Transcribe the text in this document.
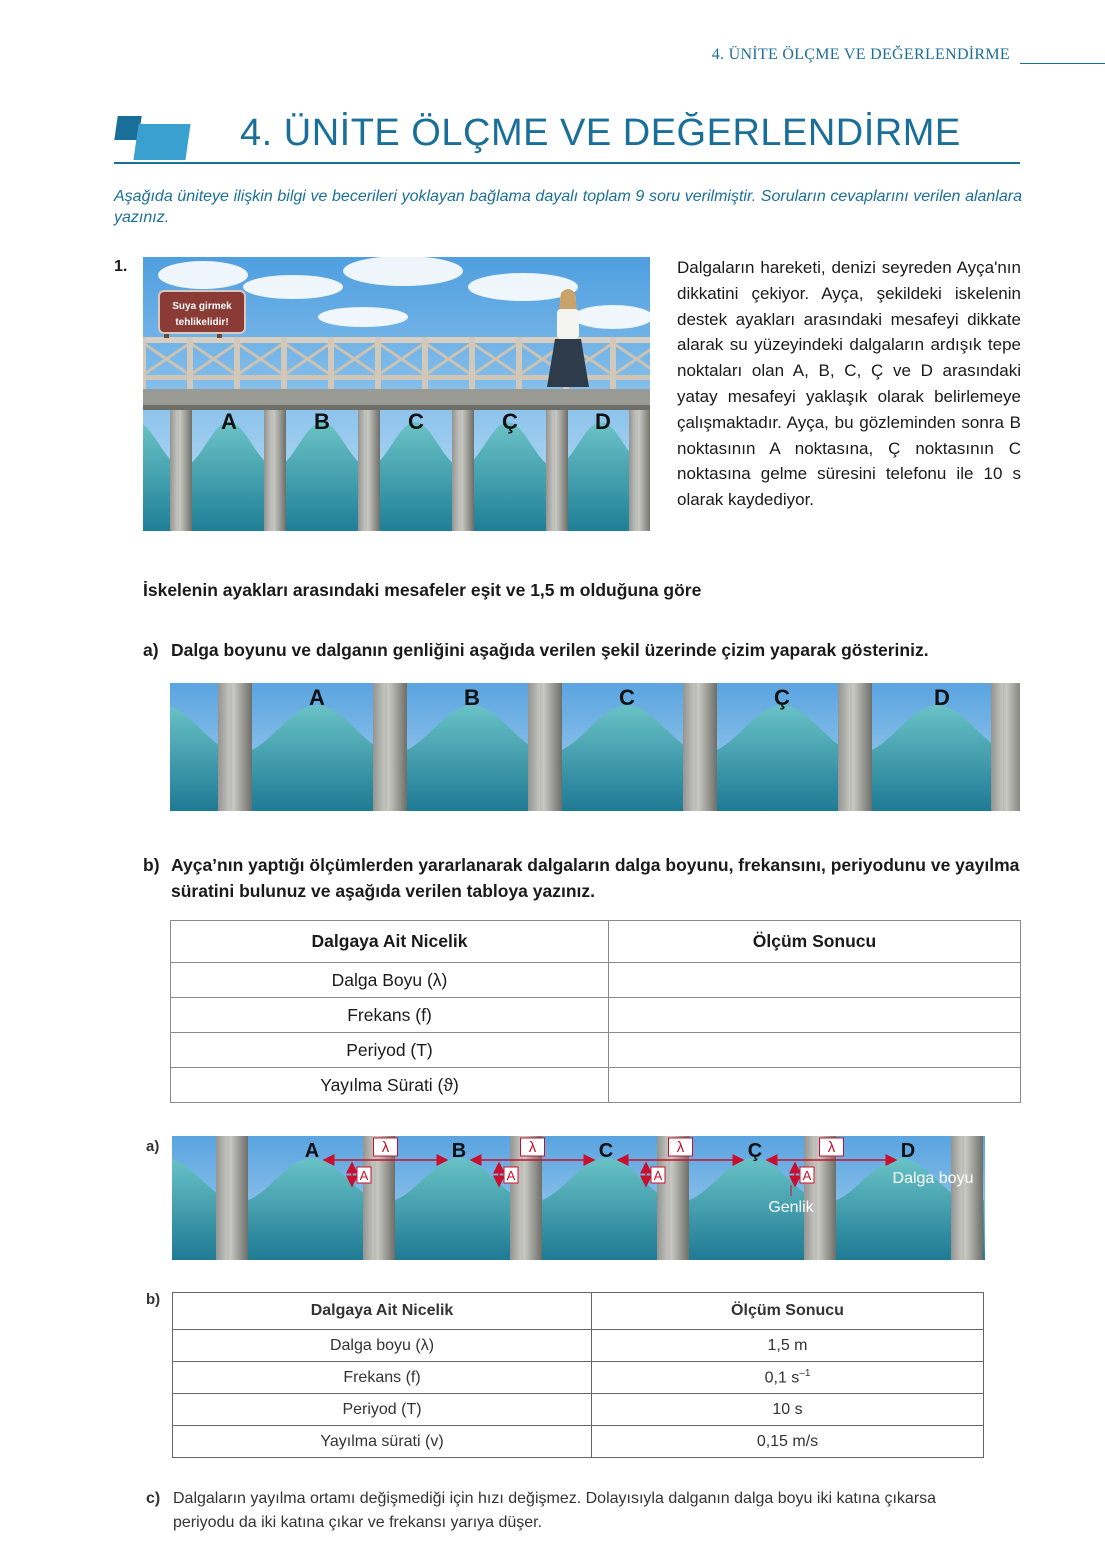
4. ÜNİTE ÖLÇME VE DEĞERLENDİRME
4. ÜNİTE ÖLÇME VE DEĞERLENDİRME
Aşağıda üniteye ilişkin bilgi ve becerileri yoklayan bağlama dayalı toplam 9 soru verilmiştir. Soruların cevaplarını verilen alanlara yazınız.
1.
Suya girmek
tehlikelidir!
A	B	C	Ç	D
Dalgaların hareketi, denizi seyreden Ayça'nın dikkatini çekiyor. Ayça, şekildeki iskelenin destek ayakları arasındaki mesafeyi dikkate alarak su yüzeyindeki dalgaların ardışık tepe noktaları olan A, B, C, Ç ve D arasındaki yatay mesafeyi yaklaşık olarak belirlemeye çalışmaktadır. Ayça, bu gözleminden sonra B noktasının A noktasına, Ç noktasının C noktasına gelme süresini telefonu ile 10 s olarak kaydediyor.
İskelenin ayakları arasındaki mesafeler eşit ve 1,5 m olduğuna göre
a) Dalga boyunu ve dalganın genliğini aşağıda verilen şekil üzerinde çizim yaparak gösteriniz.
A	B	C	Ç	D
b) Ayça’nın yaptığı ölçümlerden yararlanarak dalgaların dalga boyunu, frekansını, periyodunu ve yayılma süratini bulunuz ve aşağıda verilen tabloya yazınız.
Dalgaya Ait Nicelik	Ölçüm Sonucu
Dalga Boyu (λ)	
Frekans (f)	
Periyod (T)	
Yayılma Sürati (ϑ)	
a)	λ
A
λ
A
λ
A
λ
A
A	B	C	Ç	D
Dalga boyu
Genlik
b)
Dalgaya Ait Nicelik	Ölçüm Sonucu
Dalga boyu (λ)	1,5 m
Frekans (f)	0,1 $s^{-1}$
Periyod (T)	10 s
Yayılma sürati (v)	0,15 m/s
c) Dalgaların yayılma ortamı değişmediği için hızı değişmez. Dolayısıyla dalganın dalga boyu iki katına çıkarsa periyodu da iki katına çıkar ve frekansı yarıya düşer.
